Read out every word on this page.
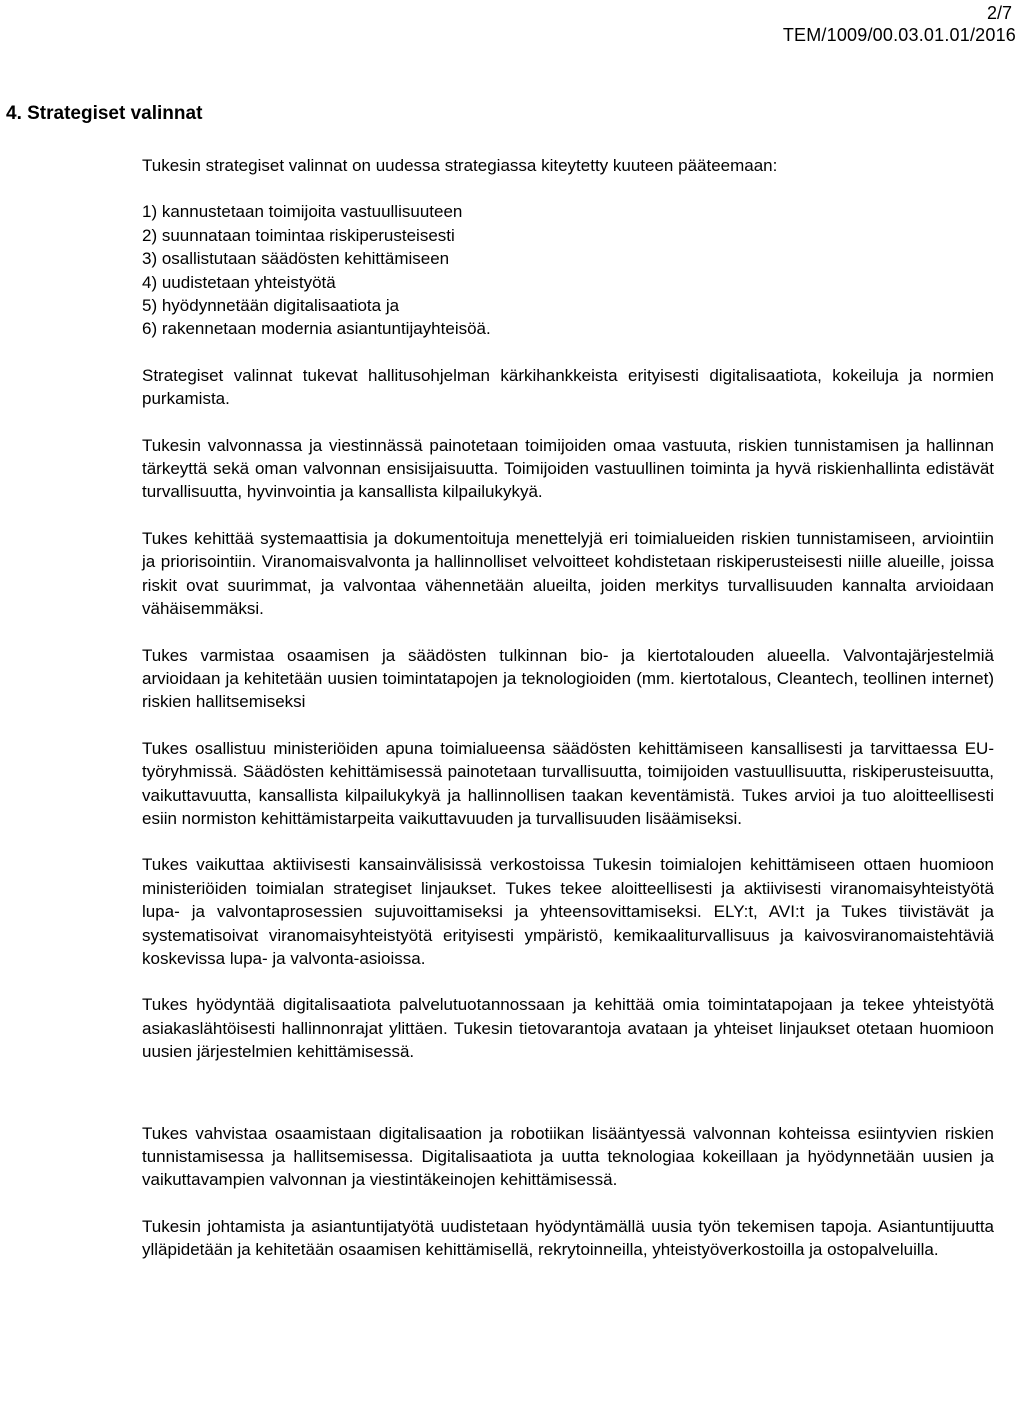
2/7
TEM/1009/00.03.01.01/2016
4. Strategiset valinnat

Tukesin strategiset valinnat on uudessa strategiassa kiteytetty kuuteen pääteemaan:

1) kannustetaan toimijoita vastuullisuuteen
2) suunnataan toimintaa riskiperusteisesti
3) osallistutaan säädösten kehittämiseen
4) uudistetaan yhteistyötä
5) hyödynnetään digitalisaatiota ja
6) rakennetaan modernia asiantuntijayhteisöä.

Strategiset valinnat tukevat hallitusohjelman kärkihankkeista erityisesti digitalisaatiota, kokeiluja ja normien purkamista.

Tukesin valvonnassa ja viestinnässä painotetaan toimijoiden omaa vastuuta, riskien tunnistamisen ja hallinnan tärkeyttä sekä oman valvonnan ensisijaisuutta. Toimijoiden vastuullinen toiminta ja hyvä riskienhallinta edistävät turvallisuutta, hyvinvointia ja kansallista kilpailukykyä.

Tukes kehittää systemaattisia ja dokumentoituja menettelyjä eri toimialueiden riskien tunnistamiseen, arviointiin ja priorisointiin. Viranomaisvalvonta ja hallinnolliset velvoitteet kohdistetaan riskiperusteisesti niille alueille, joissa riskit ovat suurimmat, ja valvontaa vähennetään alueilta, joiden merkitys turvallisuuden kannalta arvioidaan vähäisemmäksi.

Tukes varmistaa osaamisen ja säädösten tulkinnan bio- ja kiertotalouden alueella. Valvontajärjestelmiä arvioidaan ja kehitetään uusien toimintatapojen ja teknologioiden (mm. kiertotalous, Cleantech, teollinen internet) riskien hallitsemiseksi

Tukes osallistuu ministeriöiden apuna toimialueensa säädösten kehittämiseen kansallisesti ja tarvittaessa EU-työryhmissä. Säädösten kehittämisessä painotetaan turvallisuutta, toimijoiden vastuullisuutta, riskiperusteisuutta, vaikuttavuutta, kansallista kilpailukykyä ja hallinnollisen taakan keventämistä. Tukes arvioi ja tuo aloitteellisesti esiin normiston kehittämistarpeita vaikuttavuuden ja turvallisuuden lisäämiseksi.

Tukes vaikuttaa aktiivisesti kansainvälisissä verkostoissa Tukesin toimialojen kehittämiseen ottaen huomioon ministeriöiden toimialan strategiset linjaukset. Tukes tekee aloitteellisesti ja aktiivisesti viranomaisyhteistyötä lupa- ja valvontaprosessien sujuvoittamiseksi ja yhteensovittamiseksi. ELY:t, AVI:t ja Tukes tiivistävät ja systematisoivat viranomaisyhteistyötä erityisesti ympäristö, kemikaaliturvallisuus ja kaivosviranomaistehtäviä koskevissa lupa- ja valvonta-asioissa.

Tukes hyödyntää digitalisaatiota palvelutuotannossaan ja kehittää omia toimintatapojaan ja tekee yhteistyötä asiakaslähtöisesti hallinnonrajat ylittäen. Tukesin tietovarantoja avataan ja yhteiset linjaukset otetaan huomioon uusien järjestelmien kehittämisessä.

Tukes vahvistaa osaamistaan digitalisaation ja robotiikan lisääntyessä valvonnan kohteissa esiintyvien riskien tunnistamisessa ja hallitsemisessa. Digitalisaatiota ja uutta teknologiaa kokeillaan ja hyödynnetään uusien ja vaikuttavampien valvonnan ja viestintäkeinojen kehittämisessä.

Tukesin johtamista ja asiantuntijatyötä uudistetaan hyödyntämällä uusia työn tekemisen tapoja. Asiantuntijuutta ylläpidetään ja kehitetään osaamisen kehittämisellä, rekrytoinneilla, yhteistyöverkostoilla ja ostopalveluilla.
